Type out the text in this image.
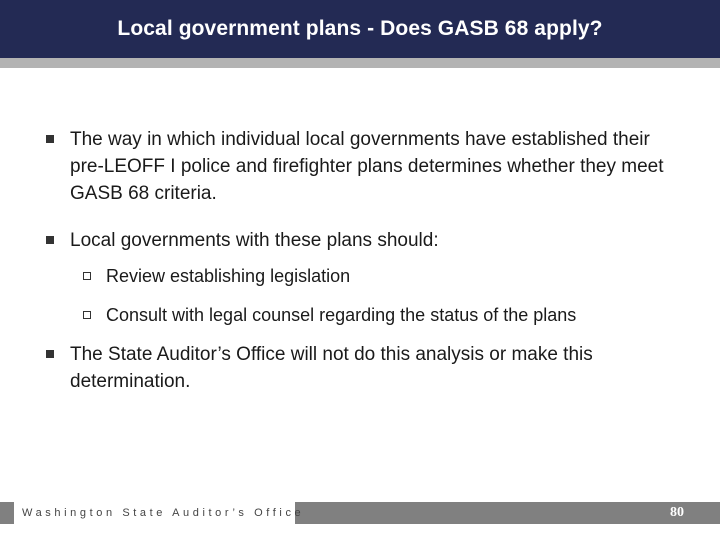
Local government plans - Does GASB 68 apply?
The way in which individual local governments have established their pre-LEOFF I police and firefighter plans determines whether they meet GASB 68 criteria.
Local governments with these plans should:
Review establishing legislation
Consult with legal counsel regarding the status of the plans
The State Auditor’s Office will not do this analysis or make this determination.
Washington State Auditor’s Office	80
